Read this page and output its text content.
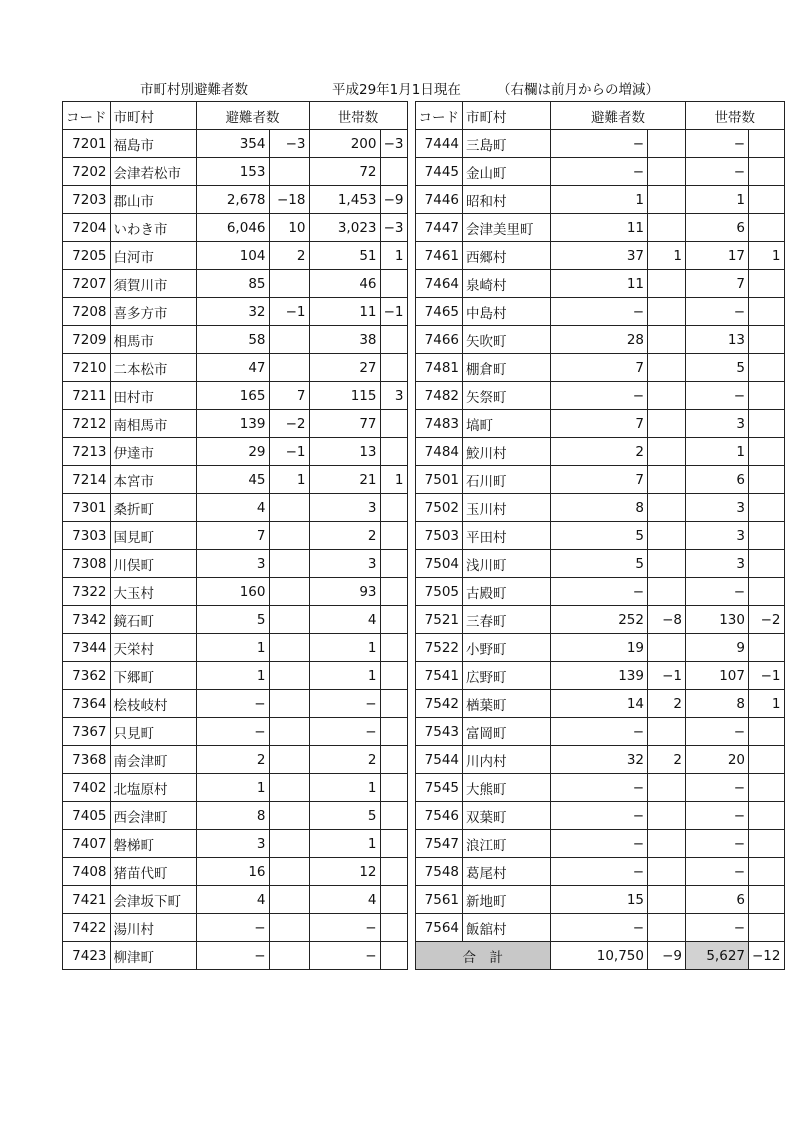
市町村別避難者数	平成29年1月1日現在	（右欄は前月からの増減）
コード	市町村	避難者数		世帯数			コード	市町村	避難者数		世帯数	
7201	福島市	354	−3	200	−3		7444	三島町	−		−	
7202	会津若松市	153		72			7445	金山町	−		−	
7203	郡山市	2,678	−18	1,453	−9		7446	昭和村	1		1	
7204	いわき市	6,046	10	3,023	−3		7447	会津美里町	11		6	
7205	白河市	104	2	51	1		7461	西郷村	37	1	17	1
7207	須賀川市	85		46			7464	泉崎村	11		7	
7208	喜多方市	32	−1	11	−1		7465	中島村	−		−	
7209	相馬市	58		38			7466	矢吹町	28		13	
7210	二本松市	47		27			7481	棚倉町	7		5	
7211	田村市	165	7	115	3		7482	矢祭町	−		−	
7212	南相馬市	139	−2	77			7483	塙町	7		3	
7213	伊達市	29	−1	13			7484	鮫川村	2		1	
7214	本宮市	45	1	21	1		7501	石川町	7		6	
7301	桑折町	4		3			7502	玉川村	8		3	
7303	国見町	7		2			7503	平田村	5		3	
7308	川俣町	3		3			7504	浅川町	5		3	
7322	大玉村	160		93			7505	古殿町	−		−	
7342	鏡石町	5		4			7521	三春町	252	−8	130	−2
7344	天栄村	1		1			7522	小野町	19		9	
7362	下郷町	1		1			7541	広野町	139	−1	107	−1
7364	桧枝岐村	−		−			7542	楢葉町	14	2	8	1
7367	只見町	−		−			7543	富岡町	−		−	
7368	南会津町	2		2			7544	川内村	32	2	20	
7402	北塩原村	1		1			7545	大熊町	−		−	
7405	西会津町	8		5			7546	双葉町	−		−	
7407	磐梯町	3		1			7547	浪江町	−		−	
7408	猪苗代町	16		12			7548	葛尾村	−		−	
7421	会津坂下町	4		4			7561	新地町	15		6	
7422	湯川村	−		−			7564	飯舘村	−		−	
7423	柳津町	−		−			合　計		10,750	−9	5,627	−12
